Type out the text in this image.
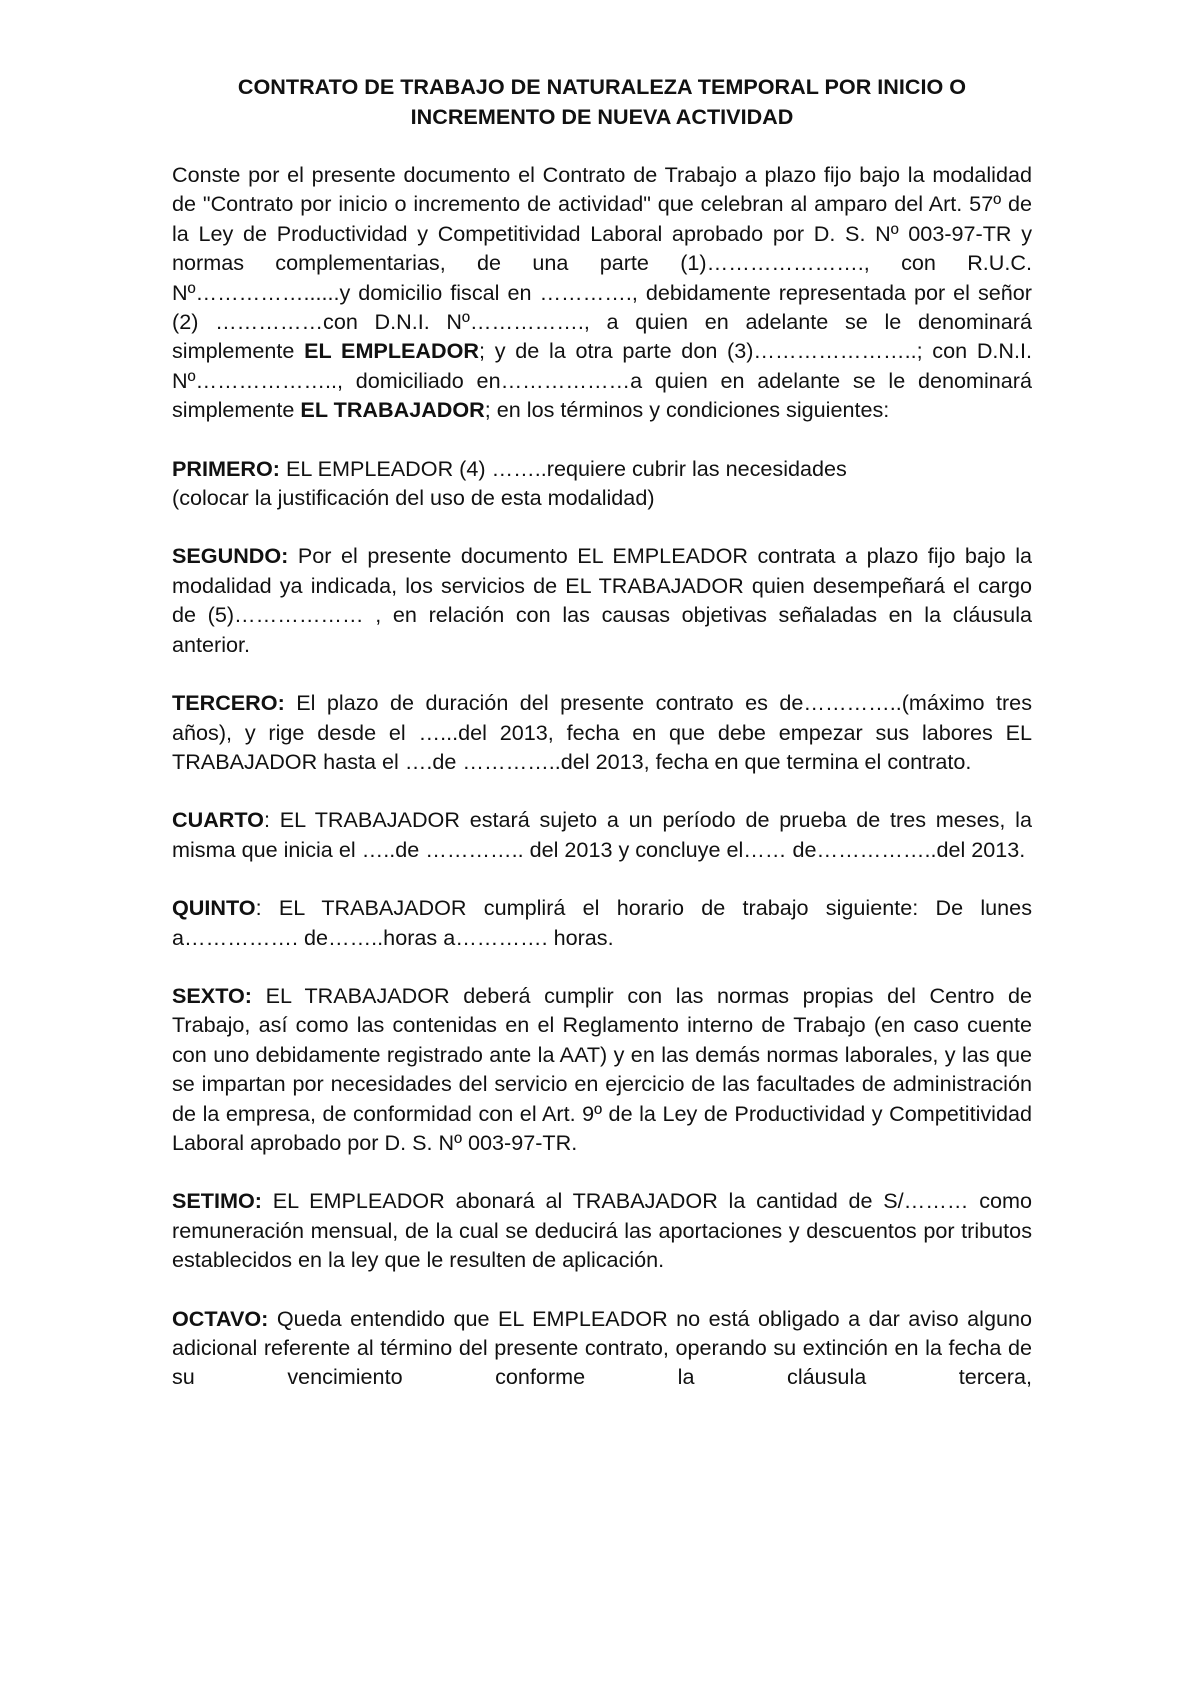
CONTRATO DE TRABAJO DE NATURALEZA TEMPORAL POR INICIO O
INCREMENTO DE NUEVA ACTIVIDAD

Conste por el presente documento el Contrato de Trabajo a plazo fijo bajo la modalidad de "Contrato por inicio o incremento de actividad" que celebran al amparo del Art. 57º de la Ley de Productividad y Competitividad Laboral aprobado por D. S. Nº 003-97-TR y normas complementarias, de una parte (1)…………………., con R.U.C. Nº……………......y domicilio fiscal en …………., debidamente representada por el señor (2) ……………con D.N.I. Nº……………., a quien en adelante se le denominará simplemente EL EMPLEADOR; y de la otra parte don (3)…………………..; con D.N.I. Nº……………….., domiciliado en………………a quien en adelante se le denominará simplemente EL TRABAJADOR; en los términos y condiciones siguientes:

PRIMERO: EL EMPLEADOR (4) ……..requiere cubrir las necesidades
(colocar la justificación del uso de esta modalidad)

SEGUNDO: Por el presente documento EL EMPLEADOR contrata a plazo fijo bajo la modalidad ya indicada, los servicios de EL TRABAJADOR quien desempeñará el cargo de (5)……………… , en relación con las causas objetivas señaladas en la cláusula anterior.

TERCERO: El plazo de duración del presente contrato es de…………..(máximo tres años), y rige desde el …...del 2013, fecha en que debe empezar sus labores EL TRABAJADOR hasta el ….de …………..del 2013, fecha en que termina el contrato.

CUARTO: EL TRABAJADOR estará sujeto a un período de prueba de tres meses, la misma que inicia el …..de ………….. del 2013 y concluye el…… de……………..del 2013.

QUINTO: EL TRABAJADOR cumplirá el horario de trabajo siguiente: De lunes a……………. de……..horas a…………. horas.

SEXTO: EL TRABAJADOR deberá cumplir con las normas propias del Centro de Trabajo, así como las contenidas en el Reglamento interno de Trabajo (en caso cuente con uno debidamente registrado ante la AAT) y en las demás normas laborales, y las que se impartan por necesidades del servicio en ejercicio de las facultades de administración de la empresa, de conformidad con el Art. 9º de la Ley de Productividad y Competitividad Laboral aprobado por D. S. Nº 003-97-TR.

SETIMO: EL EMPLEADOR abonará al TRABAJADOR la cantidad de S/……… como remuneración mensual, de la cual se deducirá las aportaciones y descuentos por tributos establecidos en la ley que le resulten de aplicación.

OCTAVO: Queda entendido que EL EMPLEADOR no está obligado a dar aviso alguno adicional referente al término del presente contrato, operando su extinción en la fecha de su vencimiento conforme la cláusula tercera,
